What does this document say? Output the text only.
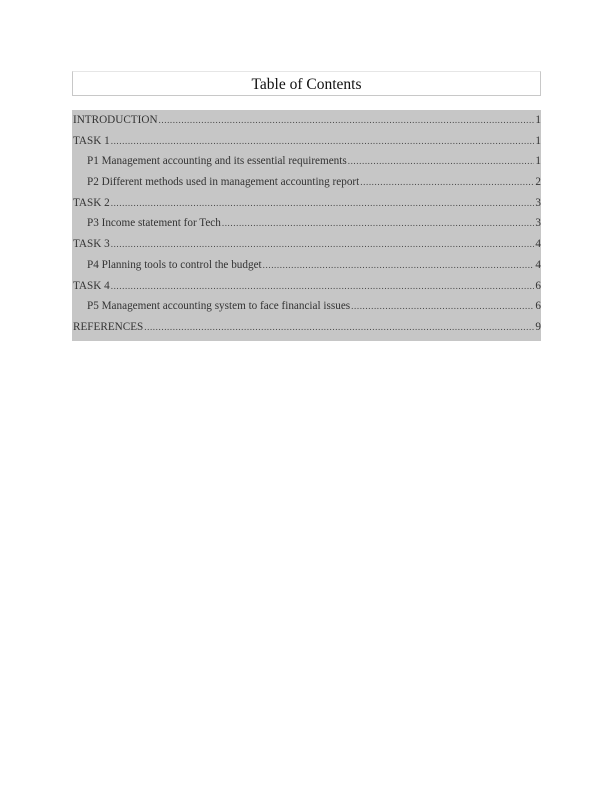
Table of Contents
INTRODUCTION .....	1
TASK 1 .....	1
P1 Management accounting and its essential requirements .....	1
P2 Different methods used in management accounting report .....	2
TASK 2 .....	3
P3 Income statement for Tech .....	3
TASK 3 .....	4
P4 Planning tools to control the budget .....	4
TASK 4 .....	6
P5 Management accounting system to face financial issues .....	6
REFERENCES .....	9
